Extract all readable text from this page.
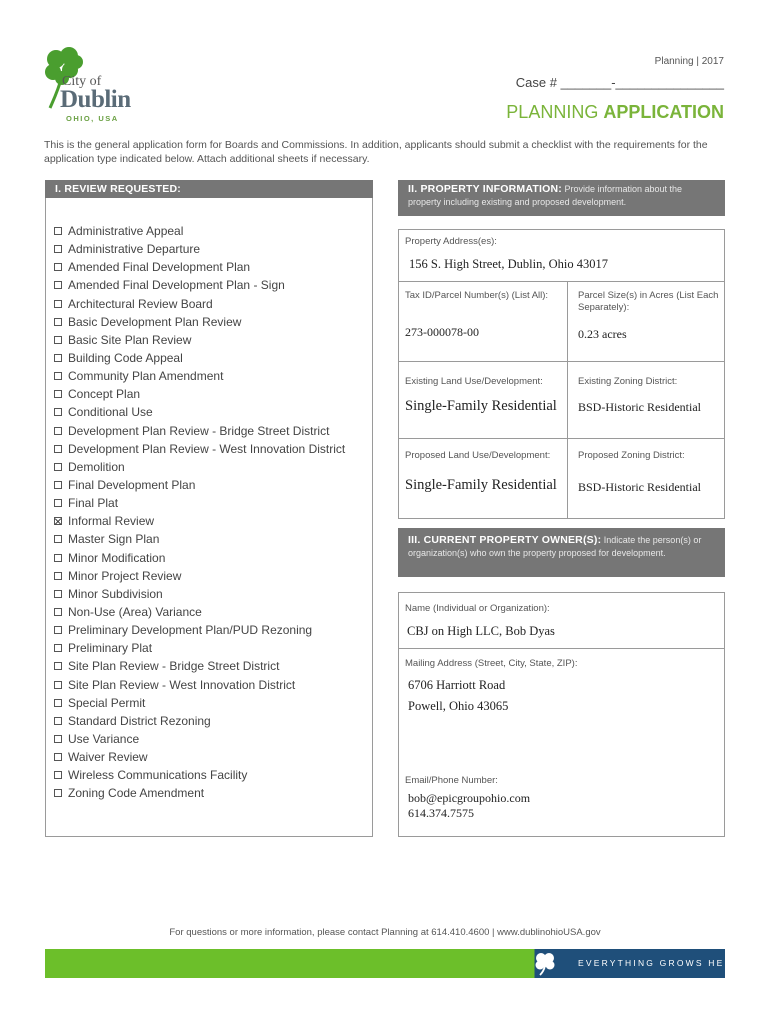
City of
Dublin
OHIO, USA
Planning | 2017
Case # _______-_______________
PLANNING APPLICATION
This is the general application form for Boards and Commissions. In addition, applicants should submit a checklist with the requirements for the application type indicated below. Attach additional sheets if necessary.
I. REVIEW REQUESTED:
Administrative Appeal
Administrative Departure
Amended Final Development Plan
Amended Final Development Plan - Sign
Architectural Review Board
Basic Development Plan Review
Basic Site Plan Review
Building Code Appeal
Community Plan Amendment
Concept Plan
Conditional Use
Development Plan Review - Bridge Street District
Development Plan Review - West Innovation District
Demolition
Final Development Plan
Final Plat
Informal Review
Master Sign Plan
Minor Modification
Minor Project Review
Minor Subdivision
Non-Use (Area) Variance
Preliminary Development Plan/PUD Rezoning
Preliminary Plat
Site Plan Review - Bridge Street District
Site Plan Review - West Innovation District
Special Permit
Standard District Rezoning
Use Variance
Waiver Review
Wireless Communications Facility
Zoning Code Amendment
II. PROPERTY INFORMATION: Provide information about the property including existing and proposed development.
Property Address(es):
156 S. High Street, Dublin, Ohio 43017
Tax ID/Parcel Number(s) (List All):
273-000078-00
Parcel Size(s) in Acres (List Each Separately):
0.23 acres
Existing Land Use/Development:
Single-Family Residential
Existing Zoning District:
BSD-Historic Residential
Proposed Land Use/Development:
Single-Family Residential
Proposed Zoning District:
BSD-Historic Residential
III. CURRENT PROPERTY OWNER(S): Indicate the person(s) or organization(s) who own the property proposed for development.
Name (Individual or Organization):
CBJ on High LLC, Bob Dyas
Mailing Address (Street, City, State, ZIP):
6706 Harriott Road
Powell, Ohio 43065
Email/Phone Number:
bob@epicgroupohio.com
614.374.7575
For questions or more information, please contact Planning at 614.410.4600 | www.dublinohioUSA.gov
EVERYTHING GROWS HERE.
